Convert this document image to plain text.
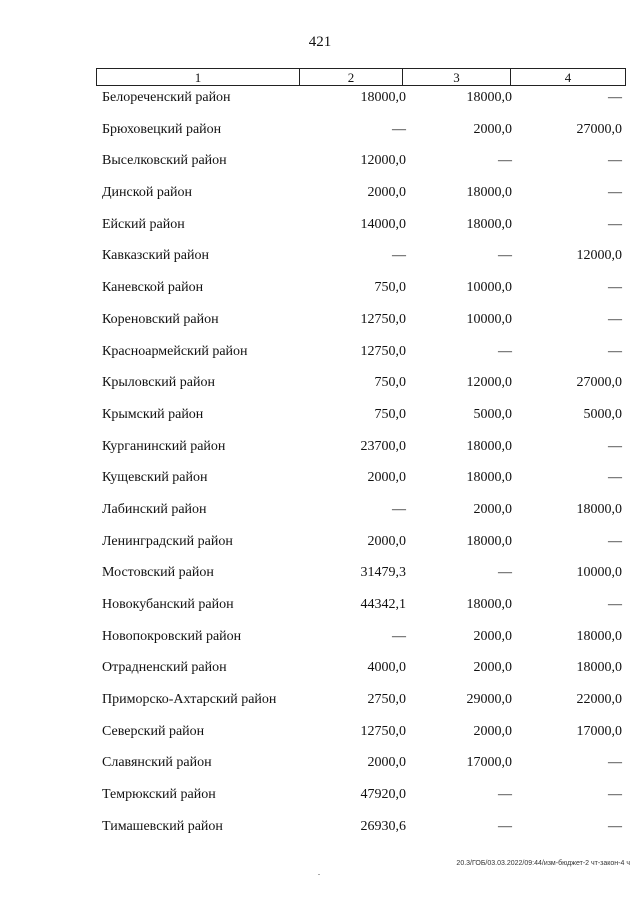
421
1	2	3	4
Белореченский район	18000,0	18000,0	—
Брюховецкий район	—	2000,0	27000,0
Выселковский район	12000,0	—	—
Динской район	2000,0	18000,0	—
Ейский район	14000,0	18000,0	—
Кавказский район	—	—	12000,0
Каневской район	750,0	10000,0	—
Кореновский район	12750,0	10000,0	—
Красноармейский район	12750,0	—	—
Крыловский район	750,0	12000,0	27000,0
Крымский район	750,0	5000,0	5000,0
Курганинский район	23700,0	18000,0	—
Кущевский район	2000,0	18000,0	—
Лабинский район	—	2000,0	18000,0
Ленинградский район	2000,0	18000,0	—
Мостовский район	31479,3	—	10000,0
Новокубанский район	44342,1	18000,0	—
Новопокровский район	—	2000,0	18000,0
Отрадненский район	4000,0	2000,0	18000,0
Приморско-Ахтарский район	2750,0	29000,0	22000,0
Северский район	12750,0	2000,0	17000,0
Славянский район	2000,0	17000,0	—
Темрюкский район	47920,0	—	—
Тимашевский район	26930,6	—	—
.
20.3/ГОБ/03.03.2022/09:44/изм-бюджет-2 чт-закон-4 ч
